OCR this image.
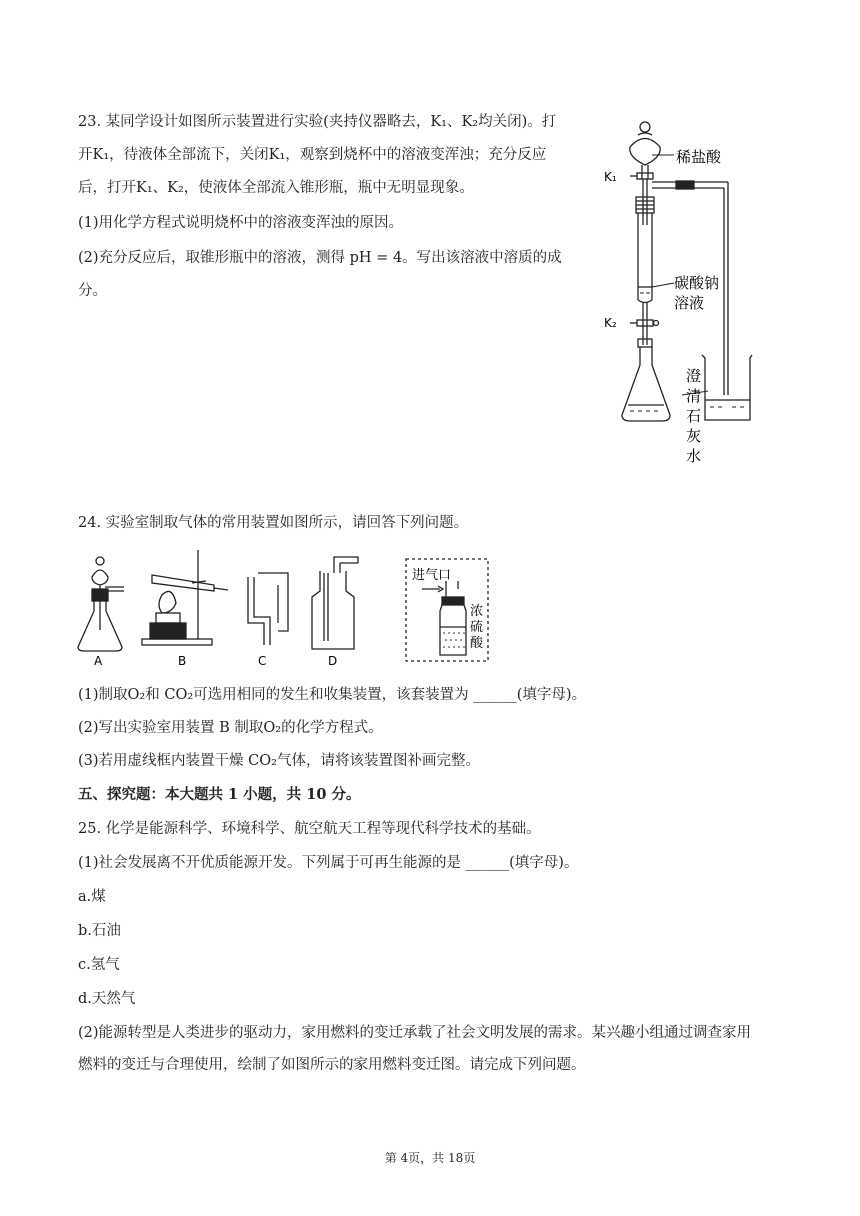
23. 某同学设计如图所示装置进行实验(夹持仪器略去，K₁、K₂均关闭)。打
开K₁，待液体全部流下，关闭K₁，观察到烧杯中的溶液变浑浊；充分反应
后，打开K₁、K₂，使液体全部流入锥形瓶，瓶中无明显现象。
(1)用化学方程式说明烧杯中的溶液变浑浊的原因。
(2)充分反应后，取锥形瓶中的溶液，测得 pH = 4。写出该溶液中溶质的成
分。
稀盐酸
K₁
K₂
碳酸钠
溶液
澄
清
石
灰
水
24. 实验室制取气体的常用装置如图所示，请回答下列问题。
A	B	C	D
进气口
浓
硫
酸
(1)制取O₂和 CO₂可选用相同的发生和收集装置，该套装置为 ______(填字母)。
(2)写出实验室用装置 B 制取O₂的化学方程式。
(3)若用虚线框内装置干燥 CO₂气体，请将该装置图补画完整。
五、探究题：本大题共 1 小题，共 10 分。
25. 化学是能源科学、环境科学、航空航天工程等现代科学技术的基础。
(1)社会发展离不开优质能源开发。下列属于可再生能源的是 ______(填字母)。
a.煤
b.石油
c.氢气
d.天然气
(2)能源转型是人类进步的驱动力，家用燃料的变迁承载了社会文明发展的需求。某兴趣小组通过调查家用
燃料的变迁与合理使用，绘制了如图所示的家用燃料变迁图。请完成下列问题。
第 4页，共 18页
